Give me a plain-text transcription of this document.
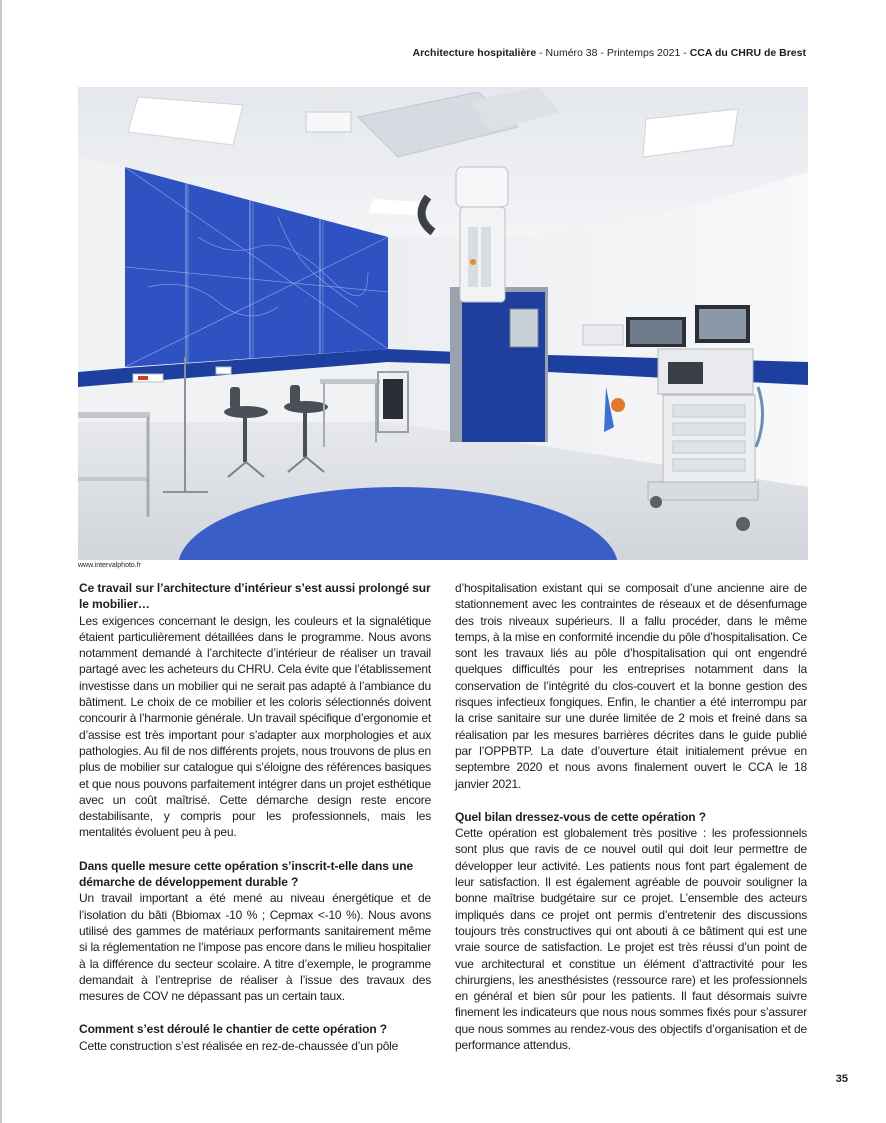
Architecture hospitalière - Numéro 38 - Printemps 2021 - CCA du CHRU de Brest
www.intervalphoto.fr

Ce travail sur l’architecture d’intérieur s’est aussi prolongé sur le mobilier…

Les exigences concernant le design, les couleurs et la signalétique étaient particulièrement détaillées dans le programme. Nous avons notamment demandé à l’architecte d’intérieur de réaliser un travail partagé avec les acheteurs du CHRU. Cela évite que l’établissement investisse dans un mobilier qui ne serait pas adapté à l’ambiance du bâtiment. Le choix de ce mobilier et les coloris sélectionnés doivent concourir à l’harmonie générale. Un travail spécifique d’ergonomie et d’assise est très important pour s’adapter aux morphologies et aux pathologies. Au fil de nos différents projets, nous trouvons de plus en plus de mobilier sur catalogue qui s’éloigne des références basiques et que nous pouvons parfaitement intégrer dans un projet esthétique avec un coût maîtrisé. Cette démarche design reste encore destabilisante, y compris pour les professionnels, mais les mentalités évoluent peu à peu.

Dans quelle mesure cette opération s’inscrit-t-elle dans une démarche de développement durable ?

Un travail important a été mené au niveau énergétique et de l’isolation du bâti (Bbiomax -10 % ; Cepmax <-10 %). Nous avons utilisé des gammes de matériaux performants sanitairement même si la réglementation ne l’impose pas encore dans le milieu hospitalier à la différence du secteur scolaire. A titre d’exemple, le programme demandait à l’entreprise de réaliser à l’issue des travaux des mesures de COV ne dépassant pas un certain taux.

Comment s’est déroulé le chantier de cette opération ?

Cette construction s’est réalisée en rez-de-chaussée d’un pôle

d’hospitalisation existant qui se composait d’une ancienne aire de stationnement avec les contraintes de réseaux et de désenfumage des trois niveaux supérieurs. Il a fallu procéder, dans le même temps, à la mise en conformité incendie du pôle d’hospitalisation. Ce sont les travaux liés au pôle d’hospitalisation qui ont engendré quelques difficultés pour les entreprises notamment dans la conservation de l’intégrité du clos-couvert et la bonne gestion des risques infectieux fongiques. Enfin, le chantier a été interrompu par la crise sanitaire sur une durée limitée de 2 mois et freiné dans sa réalisation par les mesures barrières décrites dans le guide publié par l’OPPBTP. La date d’ouverture était initialement prévue en septembre 2020 et nous avons finalement ouvert le CCA le 18 janvier 2021.

Quel bilan dressez-vous de cette opération ?

Cette opération est globalement très positive : les professionnels sont plus que ravis de ce nouvel outil qui doit leur permettre de développer leur activité. Les patients nous font part également de leur satisfaction. Il est également agréable de pouvoir souligner la bonne maîtrise budgétaire sur ce projet. L’ensemble des acteurs impliqués dans ce projet ont permis d’entretenir des discussions toujours très constructives qui ont abouti à ce bâtiment qui est une vraie source de satisfaction. Le projet est très réussi d’un point de vue architectural et constitue un élément d’attractivité pour les chirurgiens, les anesthésistes (ressource rare) et les professionnels en général et bien sûr pour les patients. Il faut désormais suivre finement les indicateurs que nous nous sommes fixés pour s’assurer que nous sommes au rendez-vous des objectifs d’organisation et de performance attendus.

35
